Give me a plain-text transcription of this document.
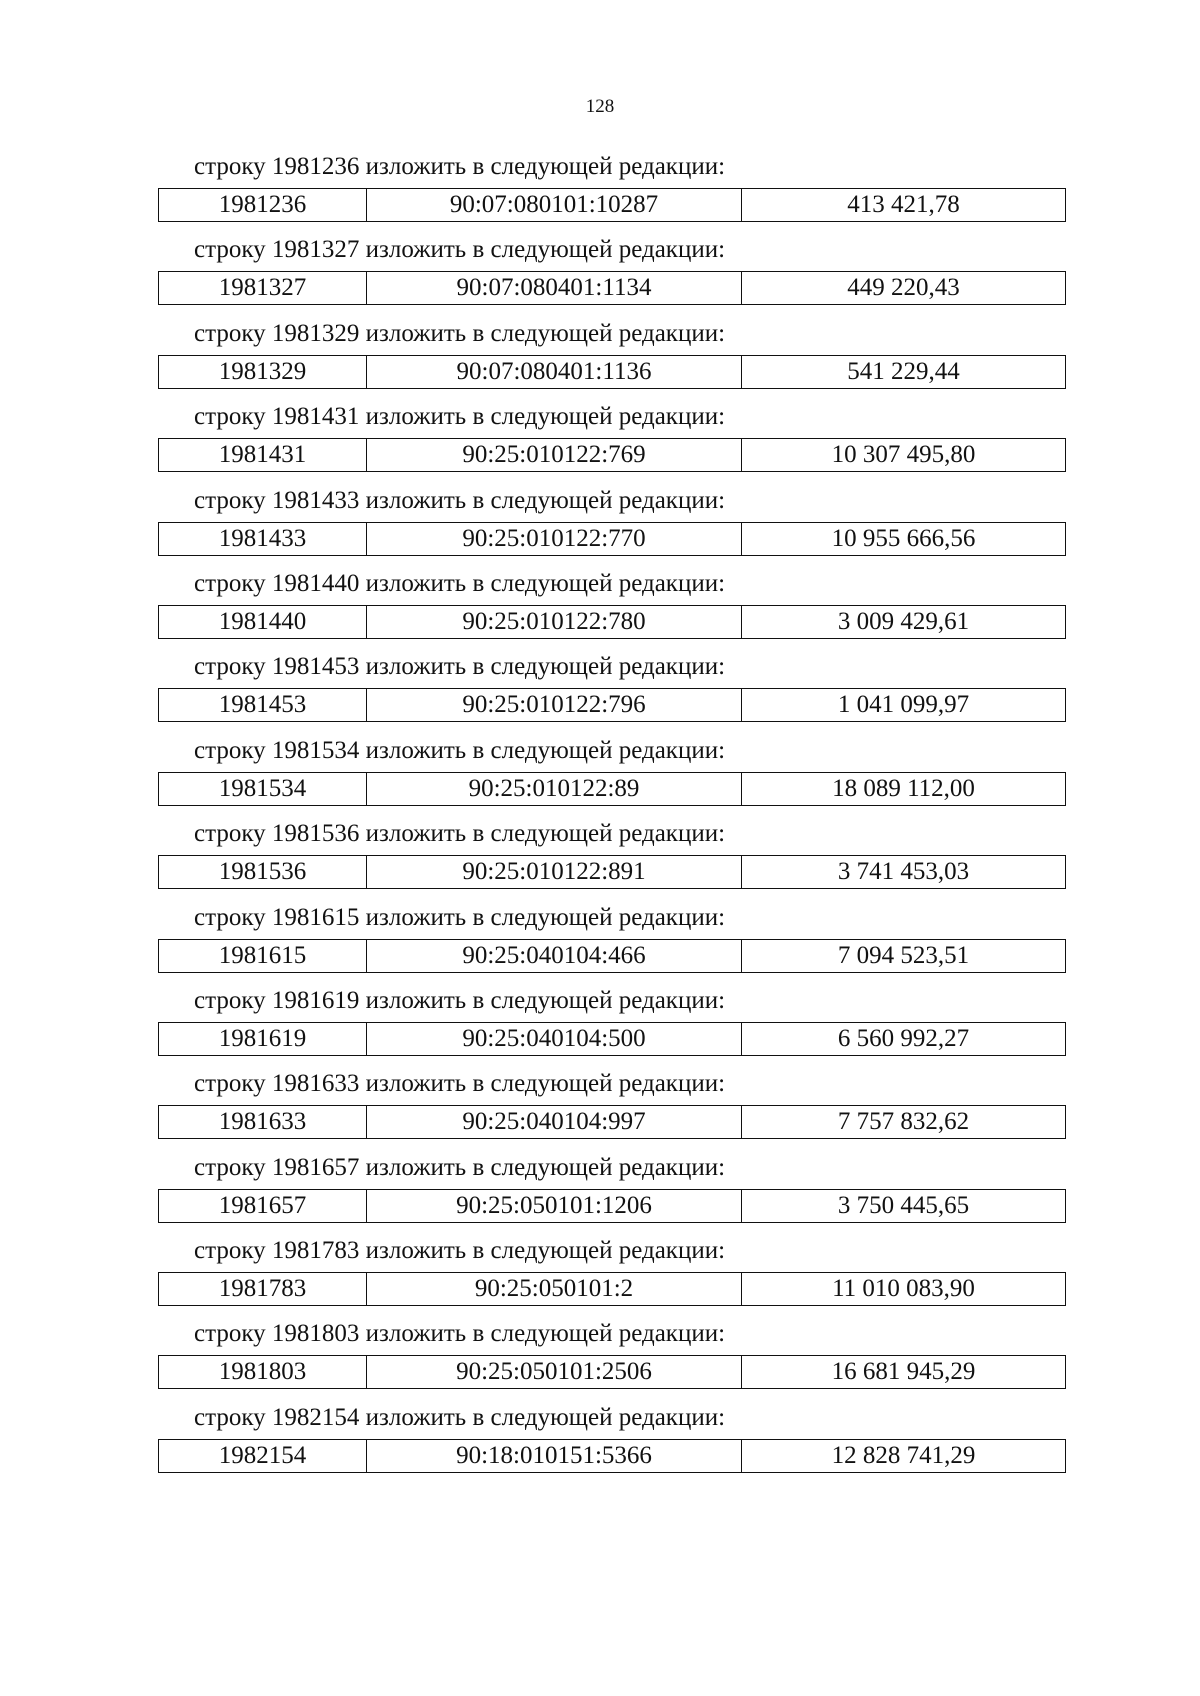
128
строку 1981236 изложить в следующей редакции:
1981236	90:07:080101:10287	413 421,78
строку 1981327 изложить в следующей редакции:
1981327	90:07:080401:1134	449 220,43
строку 1981329 изложить в следующей редакции:
1981329	90:07:080401:1136	541 229,44
строку 1981431 изложить в следующей редакции:
1981431	90:25:010122:769	10 307 495,80
строку 1981433 изложить в следующей редакции:
1981433	90:25:010122:770	10 955 666,56
строку 1981440 изложить в следующей редакции:
1981440	90:25:010122:780	3 009 429,61
строку 1981453 изложить в следующей редакции:
1981453	90:25:010122:796	1 041 099,97
строку 1981534 изложить в следующей редакции:
1981534	90:25:010122:89	18 089 112,00
строку 1981536 изложить в следующей редакции:
1981536	90:25:010122:891	3 741 453,03
строку 1981615 изложить в следующей редакции:
1981615	90:25:040104:466	7 094 523,51
строку 1981619 изложить в следующей редакции:
1981619	90:25:040104:500	6 560 992,27
строку 1981633 изложить в следующей редакции:
1981633	90:25:040104:997	7 757 832,62
строку 1981657 изложить в следующей редакции:
1981657	90:25:050101:1206	3 750 445,65
строку 1981783 изложить в следующей редакции:
1981783	90:25:050101:2	11 010 083,90
строку 1981803 изложить в следующей редакции:
1981803	90:25:050101:2506	16 681 945,29
строку 1982154 изложить в следующей редакции:
1982154	90:18:010151:5366	12 828 741,29
